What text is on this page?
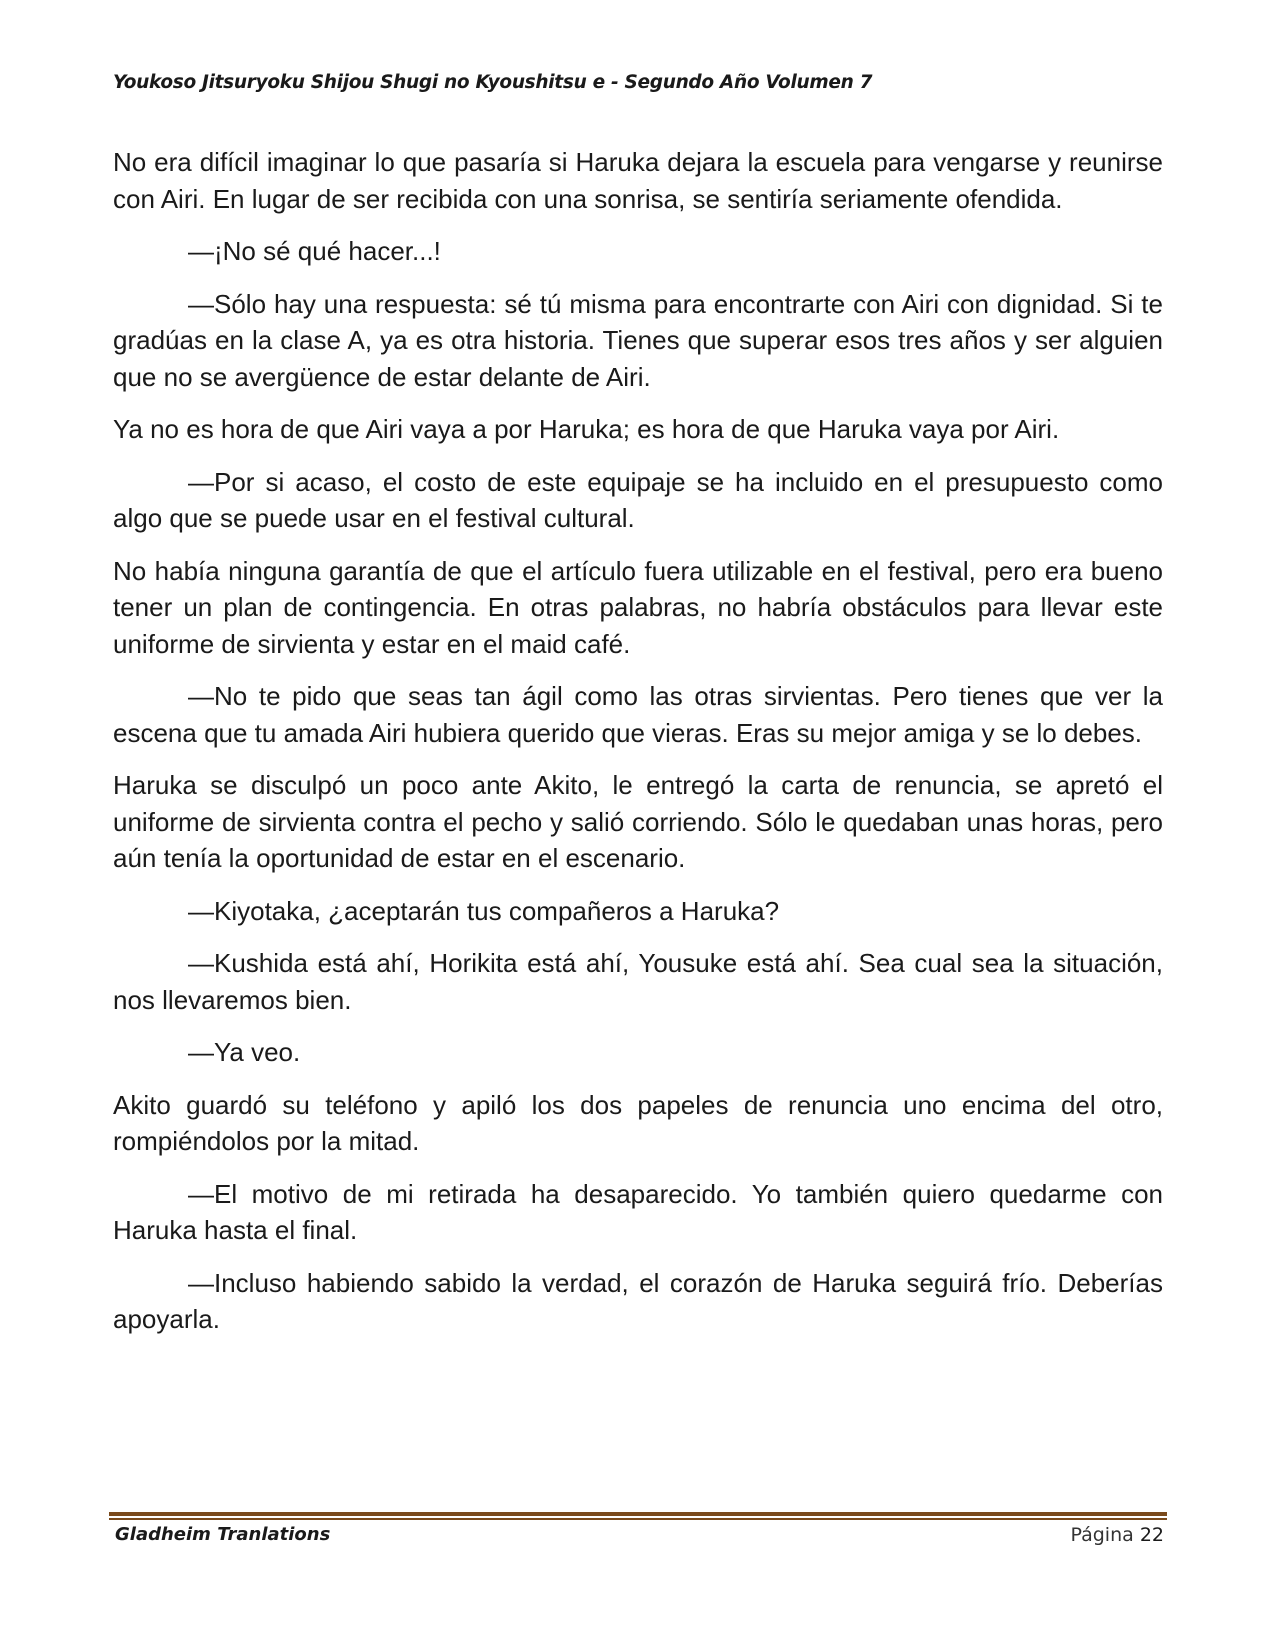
Youkoso Jitsuryoku Shijou Shugi no Kyoushitsu e - Segundo Año Volumen 7

No era difícil imaginar lo que pasaría si Haruka dejara la escuela para vengarse y reunirse con Airi. En lugar de ser recibida con una sonrisa, se sentiría seriamente ofendida.

—¡No sé qué hacer...!

—Sólo hay una respuesta: sé tú misma para encontrarte con Airi con dignidad. Si te gradúas en la clase A, ya es otra historia. Tienes que superar esos tres años y ser alguien que no se avergüence de estar delante de Airi.

Ya no es hora de que Airi vaya a por Haruka; es hora de que Haruka vaya por Airi.

—Por si acaso, el costo de este equipaje se ha incluido en el presupuesto como algo que se puede usar en el festival cultural.

No había ninguna garantía de que el artículo fuera utilizable en el festival, pero era bueno tener un plan de contingencia. En otras palabras, no habría obstáculos para llevar este uniforme de sirvienta y estar en el maid café.

—No te pido que seas tan ágil como las otras sirvientas. Pero tienes que ver la escena que tu amada Airi hubiera querido que vieras. Eras su mejor amiga y se lo debes.

Haruka se disculpó un poco ante Akito, le entregó la carta de renuncia, se apretó el uniforme de sirvienta contra el pecho y salió corriendo. Sólo le quedaban unas horas, pero aún tenía la oportunidad de estar en el escenario.

—Kiyotaka, ¿aceptarán tus compañeros a Haruka?

—Kushida está ahí, Horikita está ahí, Yousuke está ahí. Sea cual sea la situación, nos llevaremos bien.

—Ya veo.

Akito guardó su teléfono y apiló los dos papeles de renuncia uno encima del otro, rompiéndolos por la mitad.

—El motivo de mi retirada ha desaparecido. Yo también quiero quedarme con Haruka hasta el final.

—Incluso habiendo sabido la verdad, el corazón de Haruka seguirá frío. Deberías apoyarla.

Gladheim Tranlations	Página 22
